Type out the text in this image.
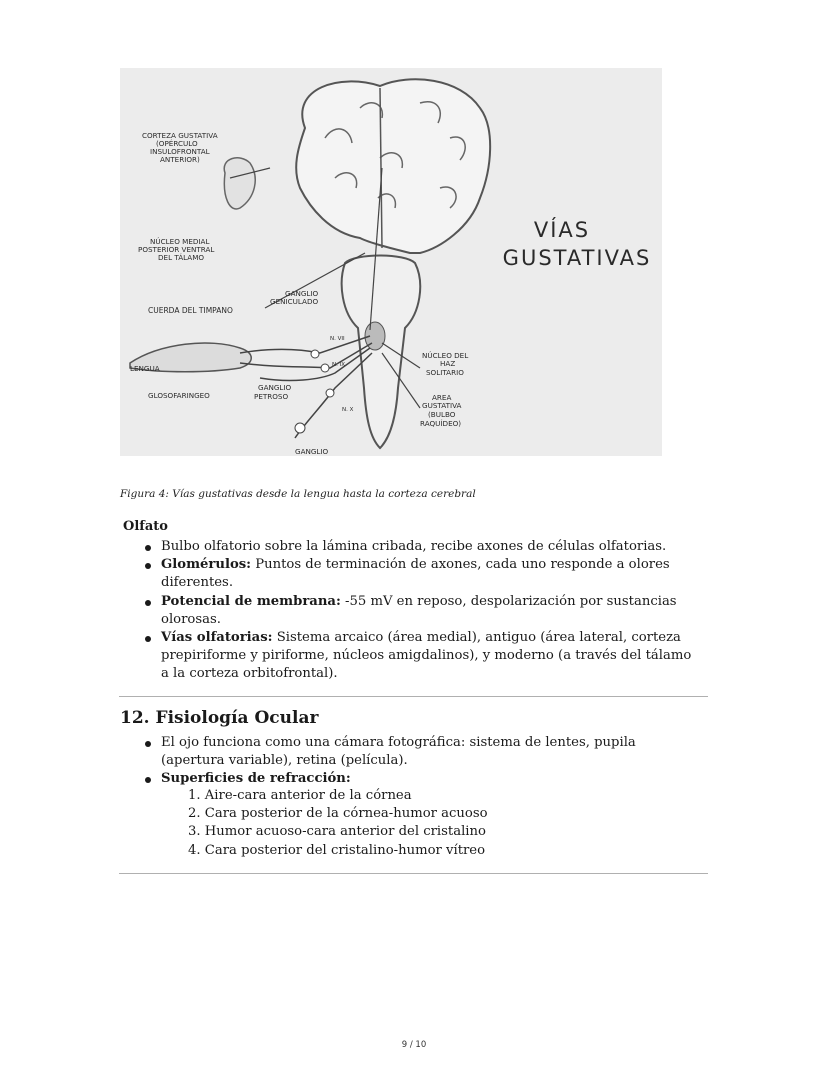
CORTEZA GUSTATIVA
(OPÉRCULO
INSULOFRONTAL
ANTERIOR)
NÚCLEO MEDIAL
POSTERIOR VENTRAL
DEL TÁLAMO
GANGLIO
GENICULADO
CUERDA DEL TIMPANO
NÚCLEO DEL
HAZ
SOLITARIO
LENGUA
GLOSOFARINGEO
GANGLIO
PETROSO	AREA
GUSTATIVA
(BULBO
RAQUÍDEO)
GANGLIO
N. VII
N. IX
N. X
VÍAS
GUSTATIVAS
Figura 4: Vías gustativas desde la lengua hasta la corteza cerebral
Olfato
Bulbo olfatorio sobre la lámina cribada, recibe axones de células olfatorias.
Glomérulos: Puntos de terminación de axones, cada uno responde a olores diferentes.
Potencial de membrana: -55 mV en reposo, despolarización por sustancias olorosas.
Vías olfatorias: Sistema arcaico (área medial), antiguo (área lateral, corteza prepiriforme y piriforme, núcleos amigdalinos), y moderno (a través del tálamo a la corteza orbitofrontal).
12. Fisiología Ocular
El ojo funciona como una cámara fotográfica: sistema de lentes, pupila (apertura variable), retina (película).
Superficies de refracción:
1. Aire-cara anterior de la córnea
2. Cara posterior de la córnea-humor acuoso
3. Humor acuoso-cara anterior del cristalino
4. Cara posterior del cristalino-humor vítreo
9 / 10
